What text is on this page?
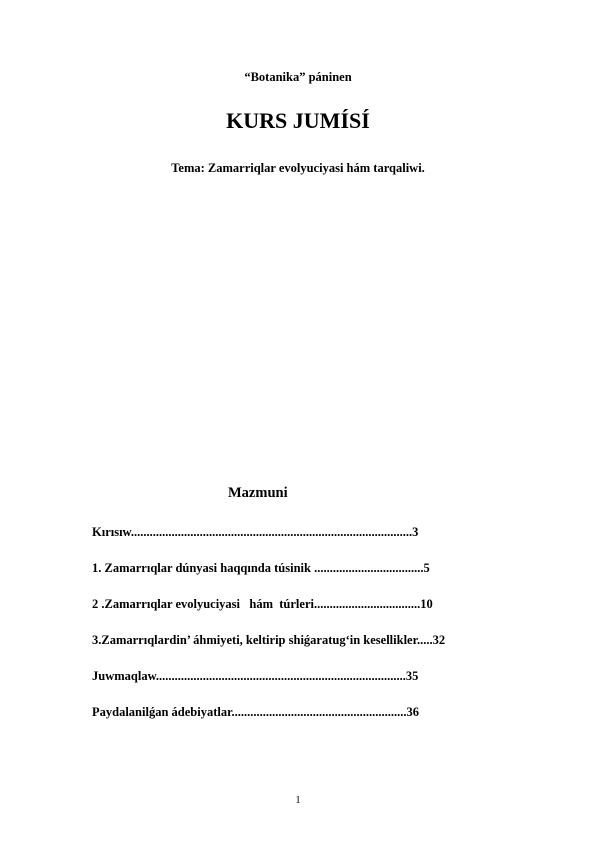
“Botanika” páninen
KURS JUMÍSÍ
Tema: Zamarriqlar evolyuciyasi hám tarqaliwi.
Mazmuni
Kırısıw..........................................................................................3
1. Zamarrıqlar dúnyasi haqqında túsinik ...................................5
2 .Zamarrıqlar evolyuciyasi   hám  túrleri..................................10
3.Zamarrıqlardin’ áhmiyeti, keltirip shiǵaratug‘in kesellikler.....32
Juwmaqlaw................................................................................35
Paydalanilǵan ádebiyatlar........................................................36
1
